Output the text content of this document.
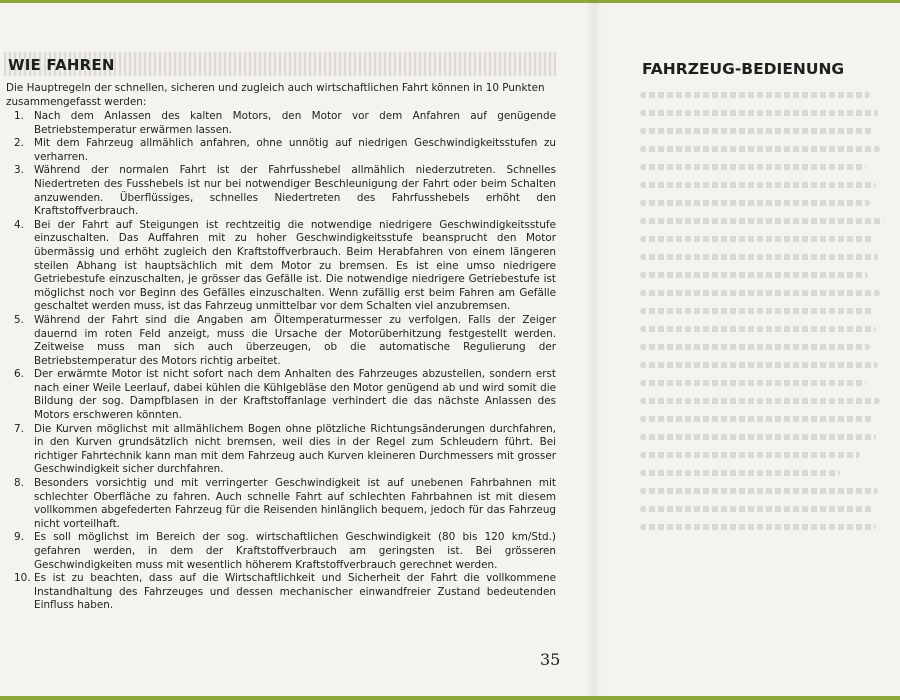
WIE FAHREN

Die Hauptregeln der schnellen, sicheren und zugleich auch wirtschaftlichen Fahrt können in 10 Punkten zusammengefasst werden:

1. Nach dem Anlassen des kalten Motors, den Motor vor dem Anfahren auf genügende Betriebstemperatur erwärmen lassen.
2. Mit dem Fahrzeug allmählich anfahren, ohne unnötig auf niedrigen Geschwindigkeitsstufen zu verharren.
3. Während der normalen Fahrt ist der Fahrfusshebel allmählich niederzutreten. Schnelles Niedertreten des Fusshebels ist nur bei notwendiger Beschleunigung der Fahrt oder beim Schalten anzuwenden. Überflüssiges, schnelles Niedertreten des Fahrfusshebels erhöht den Kraftstoffverbrauch.
4. Bei der Fahrt auf Steigungen ist rechtzeitig die notwendige niedrigere Geschwindigkeitsstufe einzuschalten. Das Auffahren mit zu hoher Geschwindigkeitsstufe beansprucht den Motor übermässig und erhöht zugleich den Kraftstoffverbrauch. Beim Herabfahren von einem längeren steilen Abhang ist hauptsächlich mit dem Motor zu bremsen. Es ist eine umso niedrigere Getriebestufe einzuschalten, je grösser das Gefälle ist. Die notwendige niedrigere Getriebestufe ist möglichst noch vor Beginn des Gefälles einzuschalten. Wenn zufällig erst beim Fahren am Gefälle geschaltet werden muss, ist das Fahrzeug unmittelbar vor dem Schalten viel anzubremsen.
5. Während der Fahrt sind die Angaben am Öltemperaturmesser zu verfolgen. Falls der Zeiger dauernd im roten Feld anzeigt, muss die Ursache der Motorüberhitzung festgestellt werden. Zeitweise muss man sich auch überzeugen, ob die automatische Regulierung der Betriebstemperatur des Motors richtig arbeitet.
6. Der erwärmte Motor ist nicht sofort nach dem Anhalten des Fahrzeuges abzustellen, sondern erst nach einer Weile Leerlauf, dabei kühlen die Kühlgebläse den Motor genügend ab und wird somit die Bildung der sog. Dampfblasen in der Kraftstoffanlage verhindert die das nächste Anlassen des Motors erschweren könnten.
7. Die Kurven möglichst mit allmählichem Bogen ohne plötzliche Richtungsänderungen durchfahren, in den Kurven grundsätzlich nicht bremsen, weil dies in der Regel zum Schleudern führt. Bei richtiger Fahrtechnik kann man mit dem Fahrzeug auch Kurven kleineren Durchmessers mit grosser Geschwindigkeit sicher durchfahren.
8. Besonders vorsichtig und mit verringerter Geschwindigkeit ist auf unebenen Fahrbahnen mit schlechter Oberfläche zu fahren. Auch schnelle Fahrt auf schlechten Fahrbahnen ist mit diesem vollkommen abgefederten Fahrzeug für die Reisenden hinlänglich bequem, jedoch für das Fahrzeug nicht vorteilhaft.
9. Es soll möglichst im Bereich der sog. wirtschaftlichen Geschwindigkeit (80 bis 120 km/Std.) gefahren werden, in dem der Kraftstoffverbrauch am geringsten ist. Bei grösseren Geschwindigkeiten muss mit wesentlich höherem Kraftstoffverbrauch gerechnet werden.
10. Es ist zu beachten, dass auf die Wirtschaftlichkeit und Sicherheit der Fahrt die vollkommene Instandhaltung des Fahrzeuges und dessen mechanischer einwandfreier Zustand bedeutenden Einfluss haben.
35
FAHRZEUG-BEDIENUNG
